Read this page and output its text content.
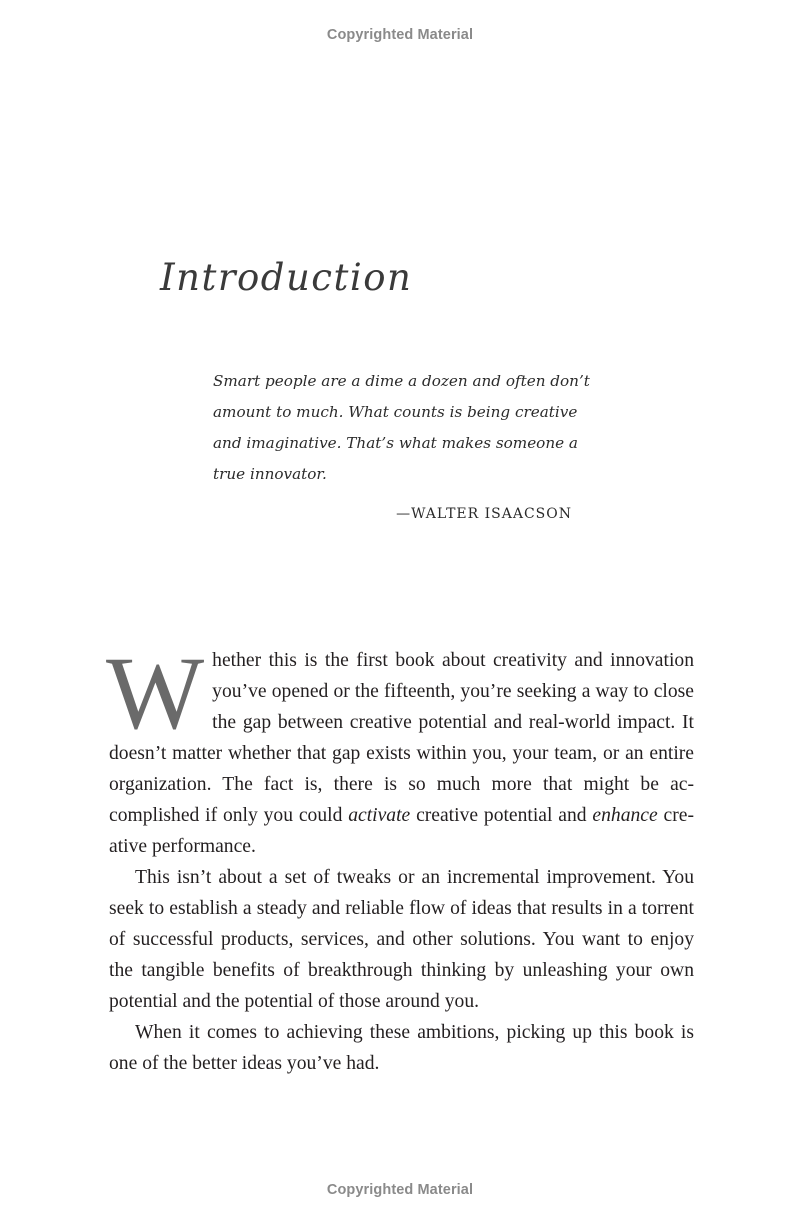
Copyrighted Material
Introduction

Smart people are a dime a dozen and often don’t amount to much. What counts is being creative and imaginative. That’s what makes someone a true innovator.

—WALTER ISAACSON

Whether this is the first book about creativity and innovation you’ve opened or the fifteenth, you’re seeking a way to close the gap between creative potential and real-world impact. It doesn’t matter whether that gap exists within you, your team, or an entire organization. The fact is, there is so much more that might be accomplished if only you could activate creative potential and enhance creative performance.

This isn’t about a set of tweaks or an incremental improvement. You seek to establish a steady and reliable flow of ideas that results in a torrent of successful products, services, and other solutions. You want to enjoy the tangible benefits of breakthrough thinking by unleashing your own potential and the potential of those around you.

When it comes to achieving these ambitions, picking up this book is one of the better ideas you’ve had.

Copyrighted Material
